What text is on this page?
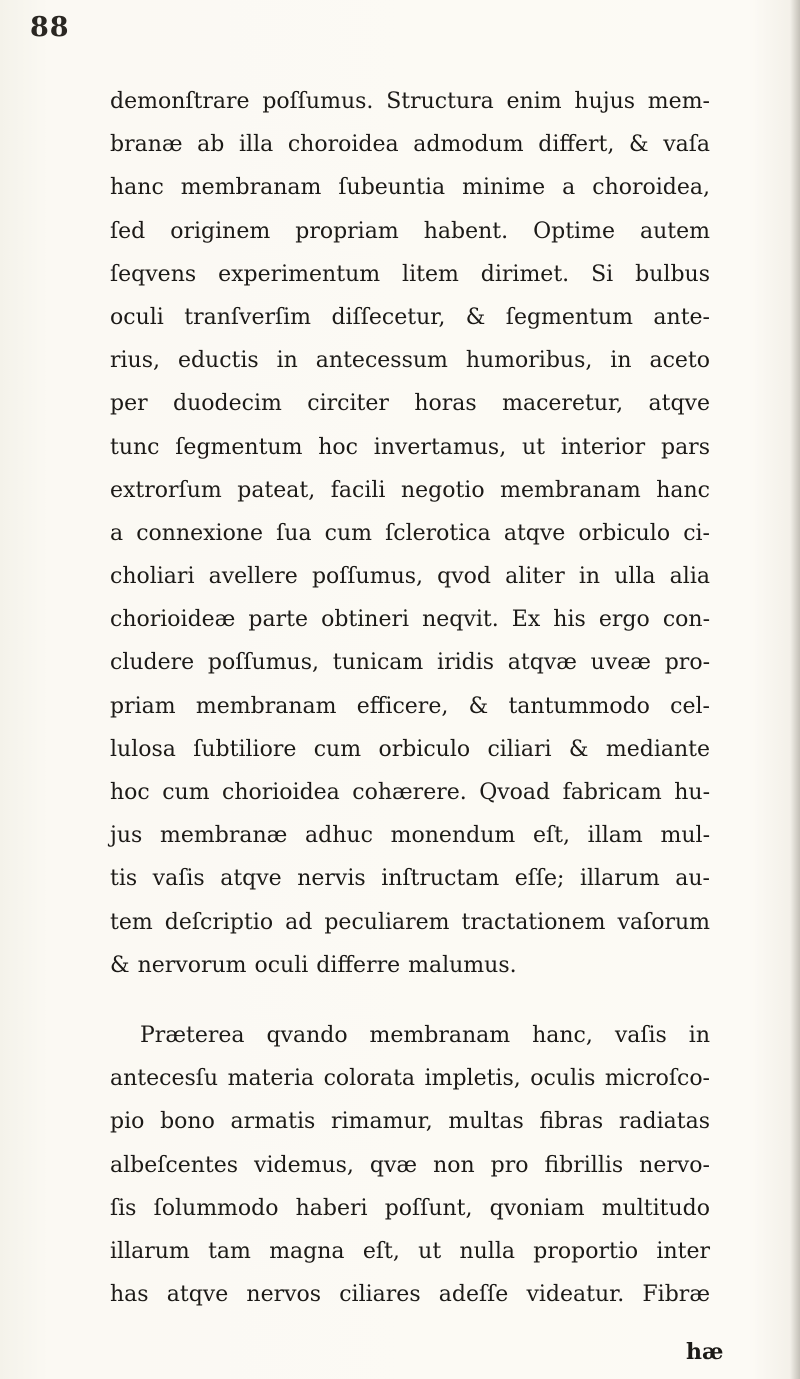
88
demonſtrare poſſumus. Structura enim hujus mem-
branæ ab illa choroidea admodum differt, & vaſa
hanc membranam ſubeuntia minime a choroidea,
ſed originem propriam habent. Optime autem
ſeqvens experimentum litem dirimet. Si bulbus
oculi tranſverſim diſſecetur, & ſegmentum ante-
rius, eductis in antecessum humoribus, in aceto
per duodecim circiter horas maceretur, atqve
tunc ſegmentum hoc invertamus, ut interior pars
extrorſum pateat, facili negotio membranam hanc
a connexione ſua cum ſclerotica atqve orbiculo ci-
choliari avellere poſſumus, qvod aliter in ulla alia
chorioideæ parte obtineri neqvit. Ex his ergo con-
cludere poſſumus, tunicam iridis atqvæ uveæ pro-
priam membranam efficere, & tantummodo cel-
lulosa ſubtiliore cum orbiculo ciliari & mediante
hoc cum chorioidea cohærere. Qvoad fabricam hu-
jus membranæ adhuc monendum eſt, illam mul-
tis vaſis atqve nervis inſtructam eſſe; illarum au-
tem deſcriptio ad peculiarem tractationem vaſorum
& nervorum oculi differre malumus.
Præterea qvando membranam hanc, vaſis in
antecesſu materia colorata impletis, oculis microſco-
pio bono armatis rimamur, multas fibras radiatas
albeſcentes videmus, qvæ non pro fibrillis nervo-
ſis ſolummodo haberi poſſunt, qvoniam multitudo
illarum tam magna eſt, ut nulla proportio inter
has atqve nervos ciliares adeſſe videatur. Fibræ
hæ
